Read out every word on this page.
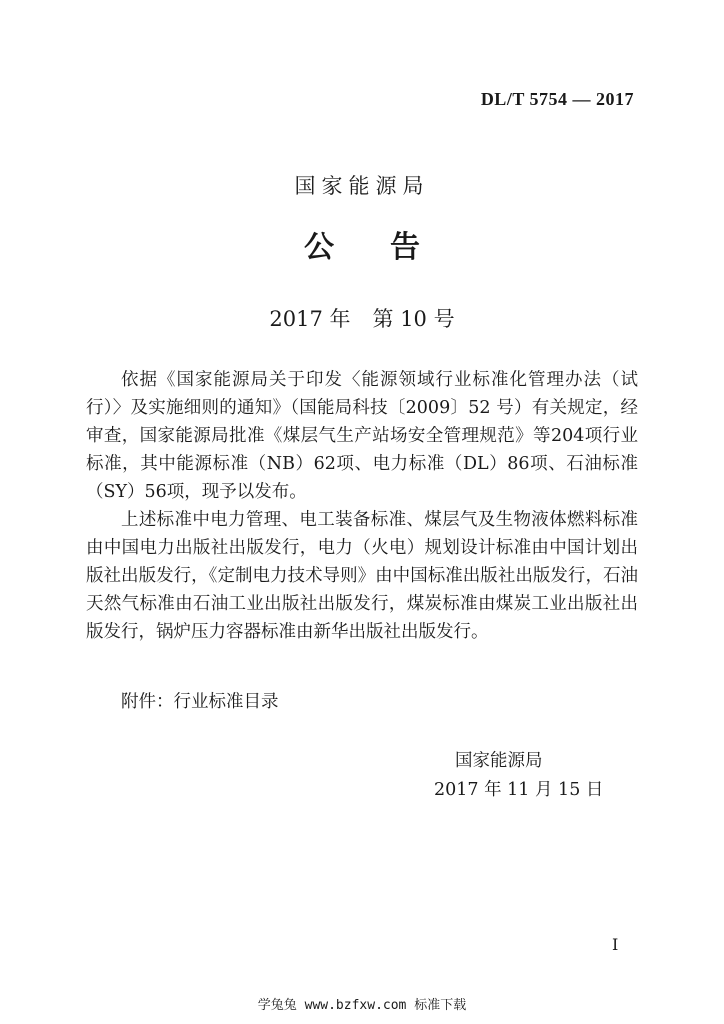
DL/T 5754 — 2017
国家能源局
公 告
2017 年 第 10 号

依据《国家能源局关于印发〈能源领域行业标准化管理办法（试行）〉及实施细则的通知》（国能局科技〔2009〕52 号）有关规定，经审查，国家能源局批准《煤层气生产站场安全管理规范》等204项行业标准，其中能源标准（NB）62项、电力标准（DL）86项、石油标准（SY）56项，现予以发布。

上述标准中电力管理、电工装备标准、煤层气及生物液体燃料标准由中国电力出版社出版发行，电力（火电）规划设计标准由中国计划出版社出版发行，《定制电力技术导则》由中国标准出版社出版发行，石油天然气标准由石油工业出版社出版发行，煤炭标准由煤炭工业出版社出版发行，锅炉压力容器标准由新华出版社出版发行。

附件：行业标准目录
国家能源局
2017 年 11 月 15 日
I
学兔兔 www.bzfxw.com 标准下载
